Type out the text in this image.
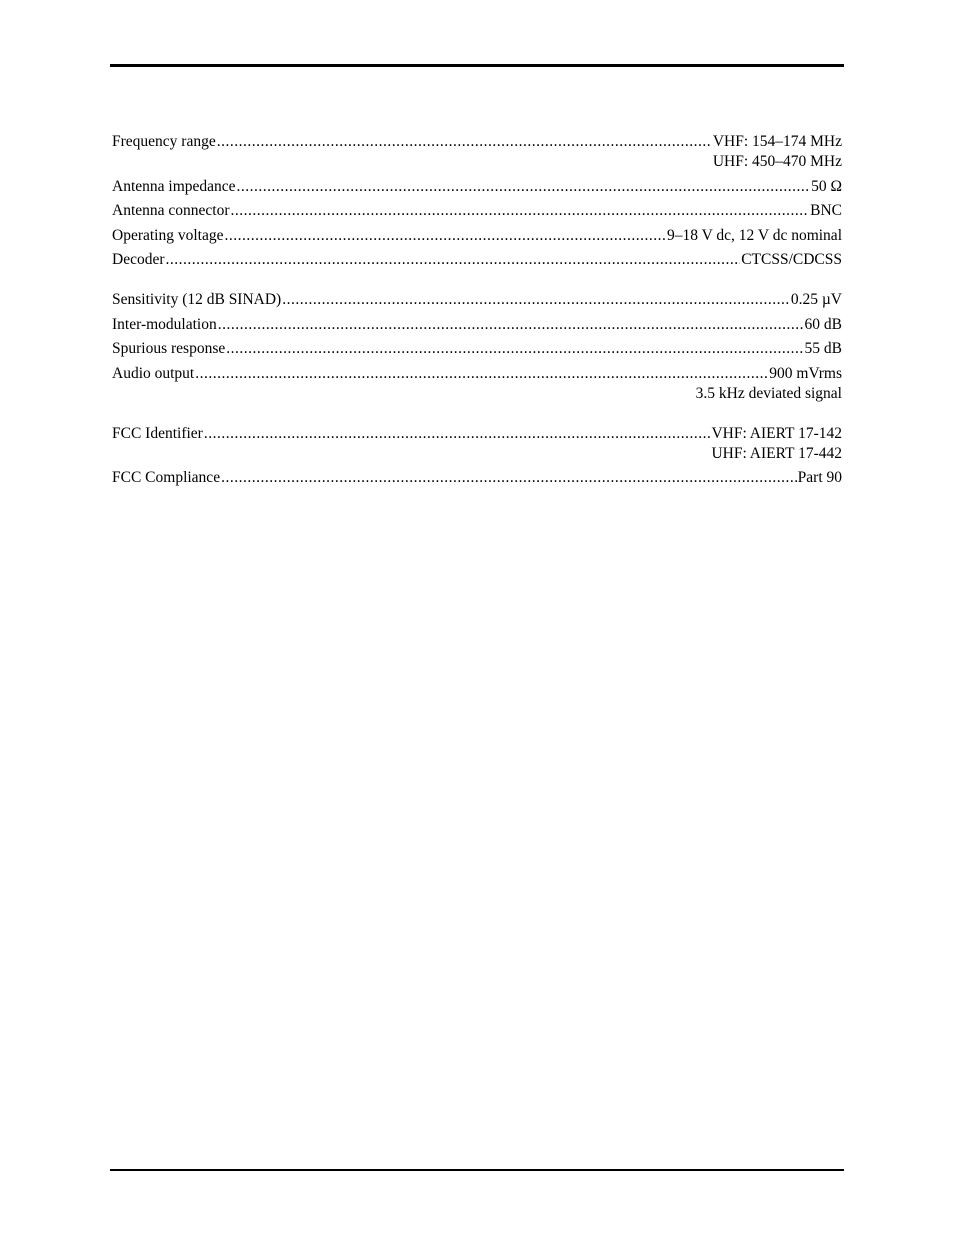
Frequency range .....	VHF: 154–174 MHz
UHF: 450–470 MHz
Antenna impedance .....	50 Ω
Antenna connector .....	BNC
Operating voltage .....	9–18 V dc, 12 V dc nominal
Decoder .....	CTCSS/CDCSS
Sensitivity (12 dB SINAD) .....	0.25 µV
Inter-modulation .....	60 dB
Spurious response .....	55 dB
Audio output .....	900 mVrms
3.5 kHz deviated signal
FCC Identifier .....	VHF: AIERT 17-142
UHF: AIERT 17-442
FCC Compliance .....	Part 90
